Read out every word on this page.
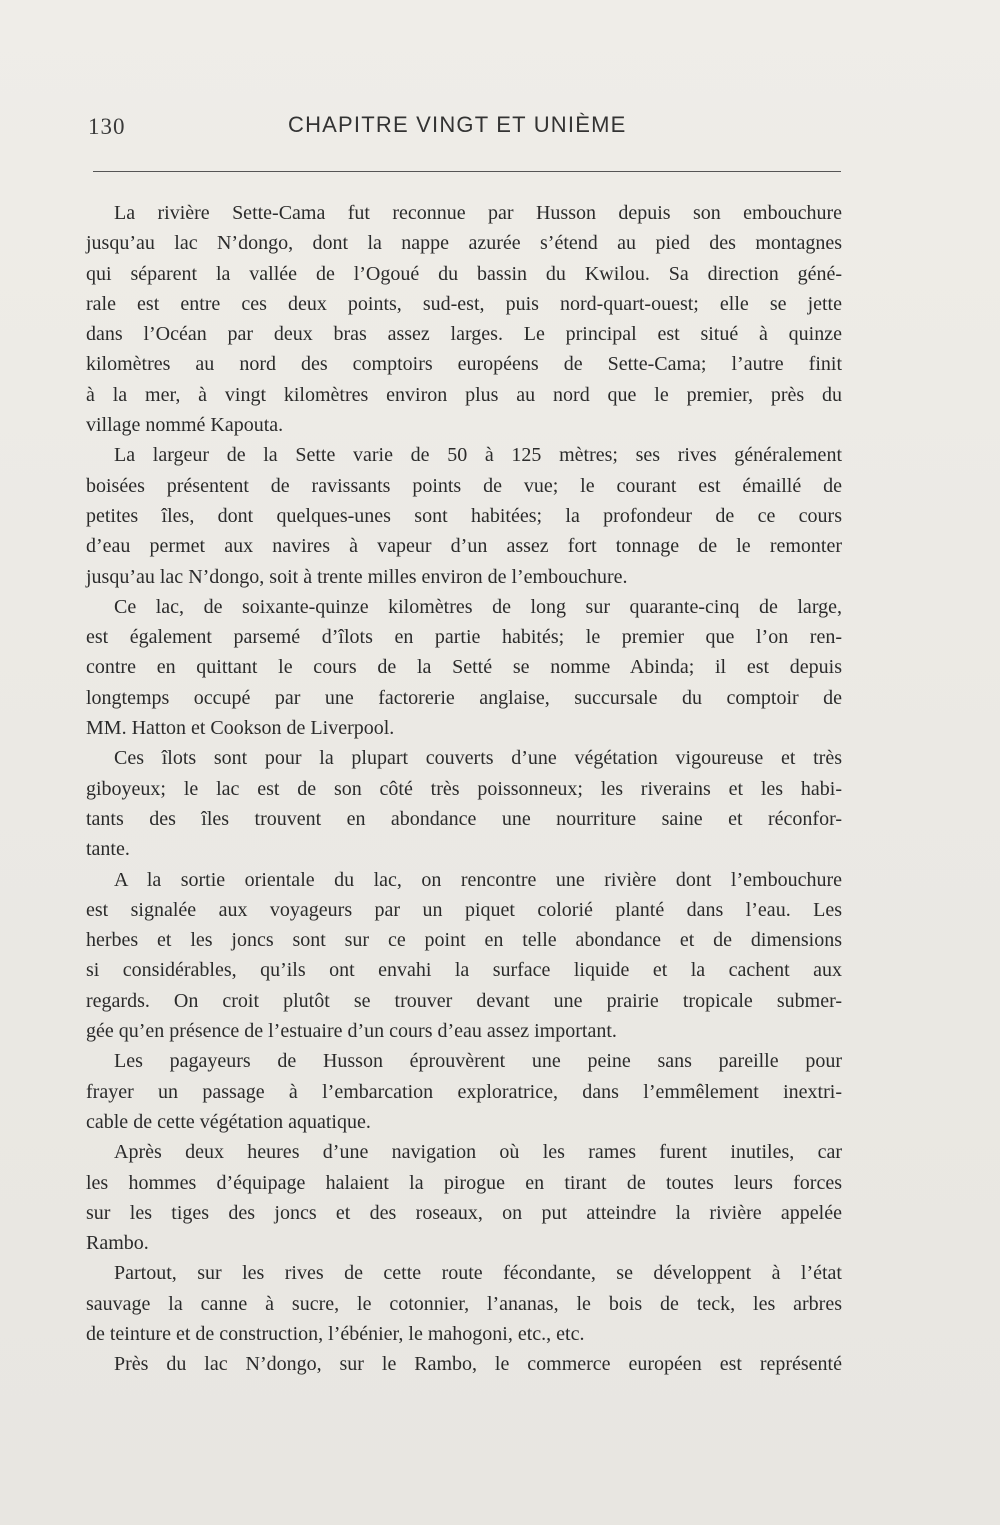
130	CHAPITRE VINGT ET UNIÈME

La rivière Sette-Cama fut reconnue par Husson depuis son embouchure
jusqu’au lac N’dongo, dont la nappe azurée s’étend au pied des montagnes
qui séparent la vallée de l’Ogoué du bassin du Kwilou. Sa direction géné-
rale est entre ces deux points, sud-est, puis nord-quart-ouest; elle se jette
dans l’Océan par deux bras assez larges. Le principal est situé à quinze
kilomètres au nord des comptoirs européens de Sette-Cama; l’autre finit
à la mer, à vingt kilomètres environ plus au nord que le premier, près du
village nommé Kapouta.

La largeur de la Sette varie de 50 à 125 mètres; ses rives généralement
boisées présentent de ravissants points de vue; le courant est émaillé de
petites îles, dont quelques-unes sont habitées; la profondeur de ce cours
d’eau permet aux navires à vapeur d’un assez fort tonnage de le remonter
jusqu’au lac N’dongo, soit à trente milles environ de l’embouchure.

Ce lac, de soixante-quinze kilomètres de long sur quarante-cinq de large,
est également parsemé d’îlots en partie habités; le premier que l’on ren-
contre en quittant le cours de la Setté se nomme Abinda; il est depuis
longtemps occupé par une factorerie anglaise, succursale du comptoir de
MM. Hatton et Cookson de Liverpool.

Ces îlots sont pour la plupart couverts d’une végétation vigoureuse et très
giboyeux; le lac est de son côté très poissonneux; les riverains et les habi-
tants des îles trouvent en abondance une nourriture saine et réconfor-
tante.

A la sortie orientale du lac, on rencontre une rivière dont l’embouchure
est signalée aux voyageurs par un piquet colorié planté dans l’eau. Les
herbes et les joncs sont sur ce point en telle abondance et de dimensions
si considérables, qu’ils ont envahi la surface liquide et la cachent aux
regards. On croit plutôt se trouver devant une prairie tropicale submer-
gée qu’en présence de l’estuaire d’un cours d’eau assez important.

Les pagayeurs de Husson éprouvèrent une peine sans pareille pour
frayer un passage à l’embarcation exploratrice, dans l’emmêlement inextri-
cable de cette végétation aquatique.

Après deux heures d’une navigation où les rames furent inutiles, car
les hommes d’équipage halaient la pirogue en tirant de toutes leurs forces
sur les tiges des joncs et des roseaux, on put atteindre la rivière appelée
Rambo.

Partout, sur les rives de cette route fécondante, se développent à l’état
sauvage la canne à sucre, le cotonnier, l’ananas, le bois de teck, les arbres
de teinture et de construction, l’ébénier, le mahogoni, etc., etc.

Près du lac N’dongo, sur le Rambo, le commerce européen est représenté
